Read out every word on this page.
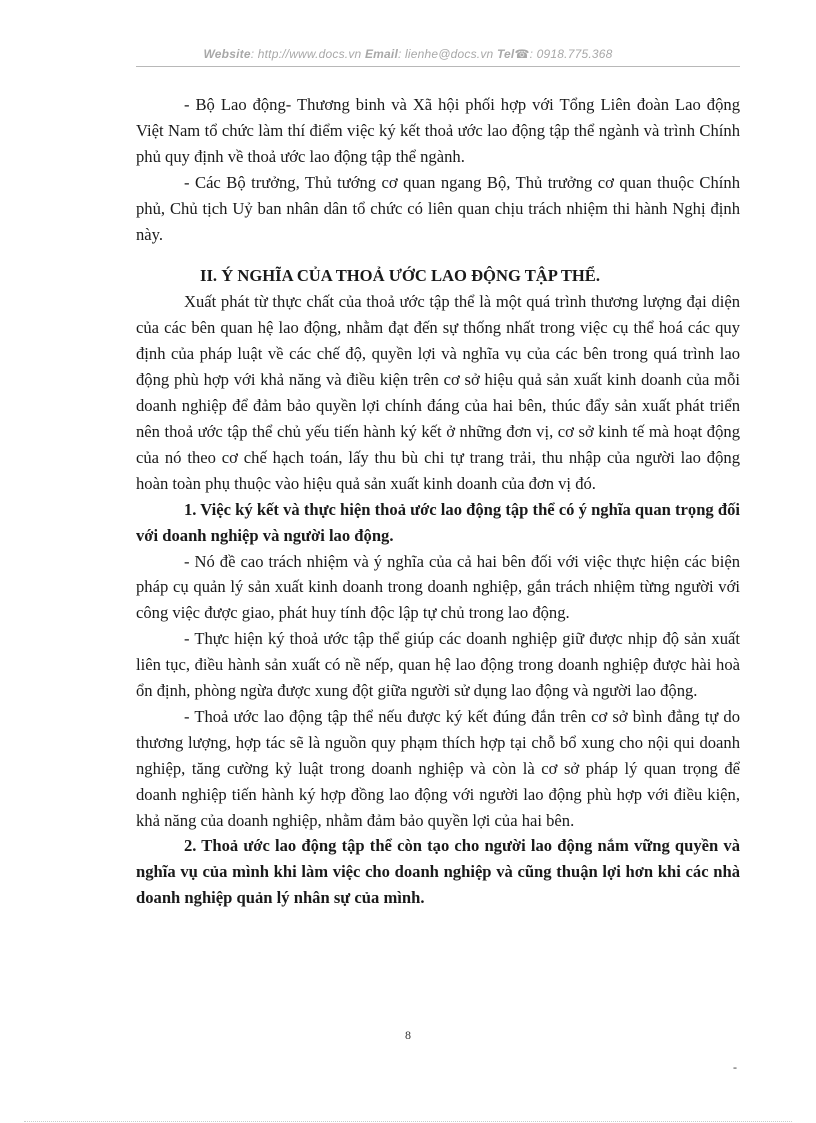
Website: http://www.docs.vn Email: lienhe@docs.vn Tel☎: 0918.775.368

- Bộ Lao động- Thương binh và Xã hội phối hợp với Tổng Liên đoàn Lao động Việt Nam tổ chức làm thí điểm việc ký kết thoả ước lao động tập thể ngành và trình Chính phủ quy định về thoả ước lao động tập thể ngành.

- Các Bộ trưởng, Thủ tướng cơ quan ngang Bộ, Thủ trưởng cơ quan thuộc Chính phủ, Chủ tịch Uỷ ban nhân dân tổ chức có liên quan chịu trách nhiệm thi hành Nghị định này.

II. Ý NGHĨA CỦA THOẢ ƯỚC LAO ĐỘNG TẬP THỂ.

Xuất phát từ thực chất của thoả ước tập thể là một quá trình thương lượng đại diện của các bên quan hệ lao động, nhằm đạt đến sự thống nhất trong việc cụ thể hoá các quy định của pháp luật về các chế độ, quyền lợi và nghĩa vụ của các bên trong quá trình lao động phù hợp với khả năng và điều kiện trên cơ sở hiệu quả sản xuất kinh doanh của mỗi doanh nghiệp để đảm bảo quyền lợi chính đáng của hai bên, thúc đẩy sản xuất phát triển nên thoả ước tập thể chủ yếu tiến hành ký kết ở những đơn vị, cơ sở kinh tế mà hoạt động của nó theo cơ chế hạch toán, lấy thu bù chi tự trang trải, thu nhập của người lao động hoàn toàn phụ thuộc vào hiệu quả sản xuất kinh doanh của đơn vị đó.

1. Việc ký kết và thực hiện thoả ước lao động tập thể có ý nghĩa quan trọng đối với doanh nghiệp và người lao động.

- Nó đề cao trách nhiệm và ý nghĩa của cả hai bên đối với việc thực hiện các biện pháp cụ quản lý sản xuất kinh doanh trong doanh nghiệp, gắn trách nhiệm từng người với công việc được giao, phát huy tính độc lập tự chủ trong lao động.

- Thực hiện ký thoả ước tập thể giúp các doanh nghiệp giữ được nhịp độ sản xuất liên tục, điều hành sản xuất có nề nếp, quan hệ lao động trong doanh nghiệp được hài hoà ổn định, phòng ngừa được xung đột giữa người sử dụng lao động và người lao động.

- Thoả ước lao động tập thể nếu được ký kết đúng đắn trên cơ sở bình đẳng tự do thương lượng, hợp tác sẽ là nguồn quy phạm thích hợp tại chỗ bổ xung cho nội qui doanh nghiệp, tăng cường kỷ luật trong doanh nghiệp và còn là cơ sở pháp lý quan trọng để doanh nghiệp tiến hành ký hợp đồng lao động với người lao động phù hợp với điều kiện, khả năng của doanh nghiệp, nhằm đảm bảo quyền lợi của hai bên.

2. Thoả ước lao động tập thể còn tạo cho người lao động nắm vững quyền và nghĩa vụ của mình khi làm việc cho doanh nghiệp và cũng thuận lợi hơn khi các nhà doanh nghiệp quản lý nhân sự của mình.

8
-
